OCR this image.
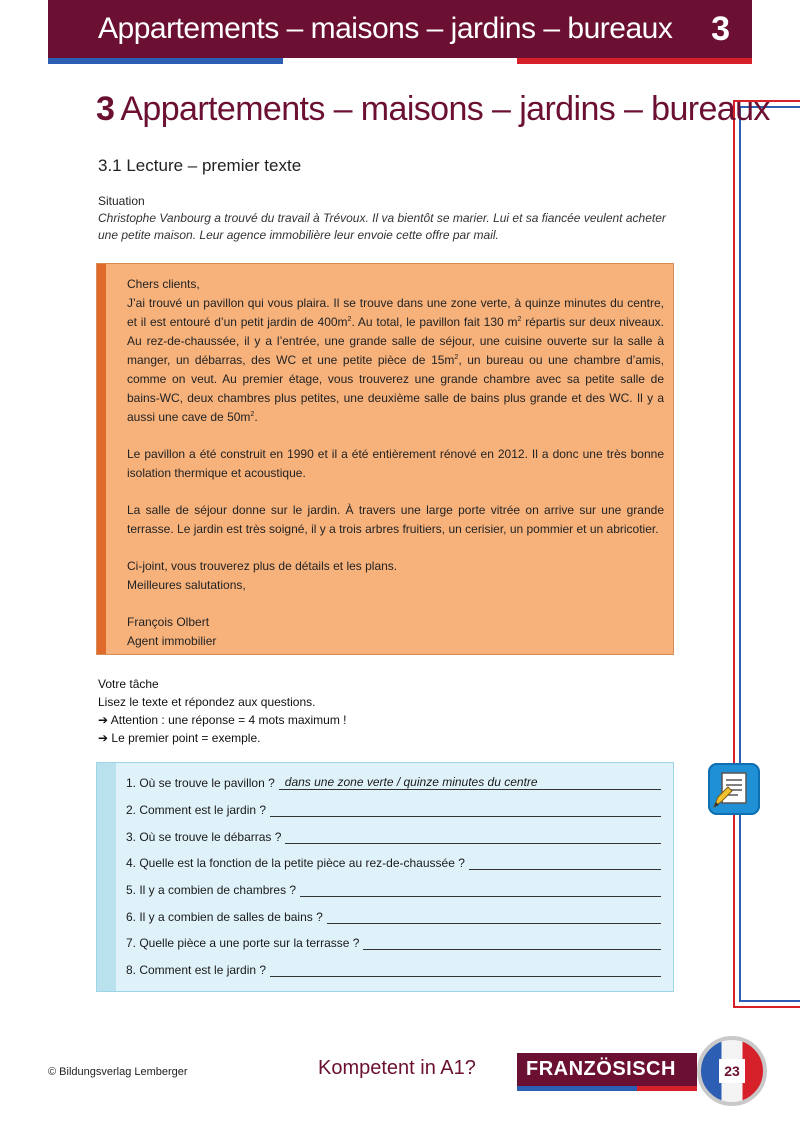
Appartements – maisons – jardins – bureaux 3
3 Appartements – maisons – jardins – bureaux
3.1 Lecture – premier texte
Situation
Christophe Vanbourg a trouvé du travail à Trévoux. Il va bientôt se marier. Lui et sa fiancée veulent acheter une petite maison. Leur agence immobilière leur envoie cette offre par mail.

Chers clients,
J’ai trouvé un pavillon qui vous plaira. Il se trouve dans une zone verte, à quinze minutes du centre, et il est entouré d’un petit jardin de $400m^2$. Au total, le pavillon fait 130 $m^2$ répartis sur deux niveaux. Au rez-de-chaussée, il y a l’entrée, une grande salle de séjour, une cuisine ouverte sur la salle à manger, un débarras, des WC et une petite pièce de $15m^2$, un bureau ou une chambre d’amis, comme on veut. Au premier étage, vous trouverez une grande chambre avec sa petite salle de bains-WC, deux chambres plus petites, une deuxième salle de bains plus grande et des WC. Il y a aussi une cave de $50m^2$.

Le pavillon a été construit en 1990 et il a été entièrement rénové en 2012. Il a donc une très bonne isolation thermique et acoustique.

La salle de séjour donne sur le jardin. À travers une large porte vitrée on arrive sur une grande terrasse. Le jardin est très soigné, il y a trois arbres fruitiers, un cerisier, un pommier et un abricotier.

Ci-joint, vous trouverez plus de détails et les plans.
Meilleures salutations,

François Olbert
Agent immobilier

Votre tâche
Lisez le texte et répondez aux questions.
➔ Attention : une réponse = 4 mots maximum !
➔ Le premier point = exemple.
1. Où se trouve le pavillon ? dans une zone verte / quinze minutes du centre
2. Comment est le jardin ?
3. Où se trouve le débarras ?
4. Quelle est la fonction de la petite pièce au rez-de-chaussée ?
5. Il y a combien de chambres ?
6. Il y a combien de salles de bains ?
7. Quelle pièce a une porte sur la terrasse ?
8. Comment est le jardin ?
© Bildungsverlag Lemberger	Kompetent in A1?	FRANZÖSISCH	23
